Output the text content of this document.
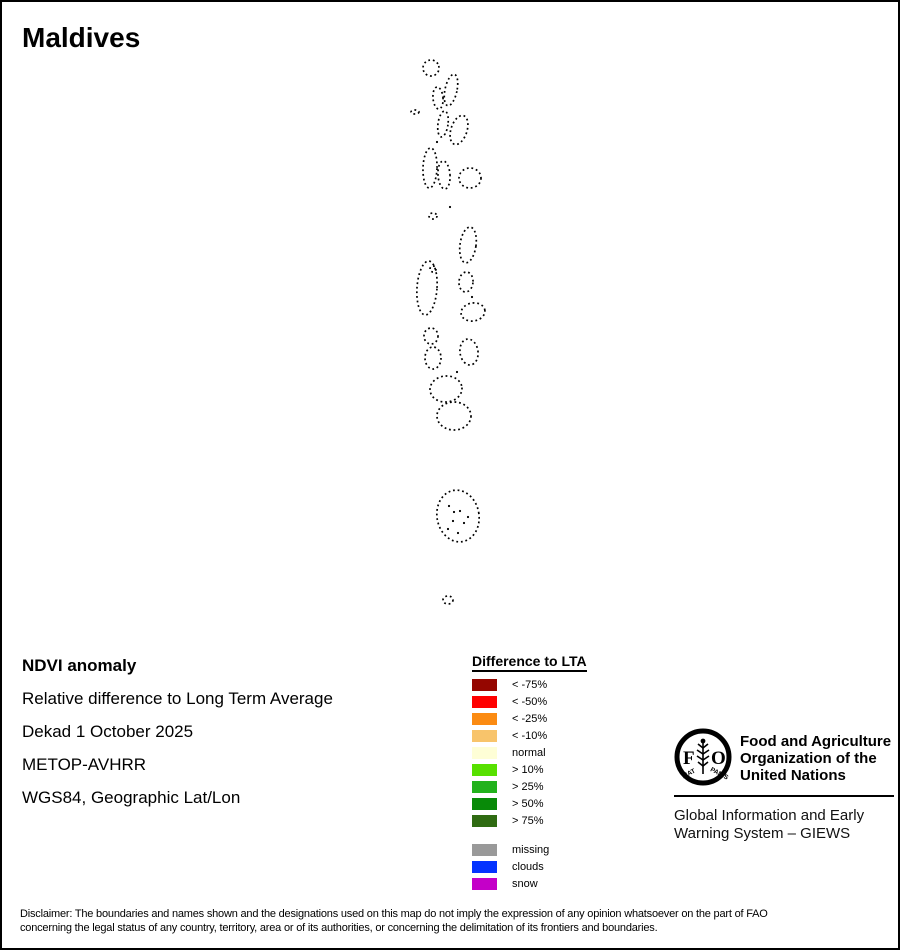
Maldives

NDVI anomaly

Relative difference to Long Term Average

Dekad 1 October 2025

METOP-AVHRR

WGS84, Geographic Lat/Lon

Difference to LTA

< -75%
< -50%
< -25%
< -10%
normal
> 10%
> 25%
> 50%
> 75%
missing
clouds
snow
F O
FIAT PANIS
Food and Agriculture
Organization of the
United Nations
Global Information and Early
Warning System – GIEWS
Disclaimer: The boundaries and names shown and the designations used on this map do not imply the expression of any opinion whatsoever on the part of FAO
concerning the legal status of any country, territory, area or of its authorities, or concerning the delimitation of its frontiers and boundaries.
